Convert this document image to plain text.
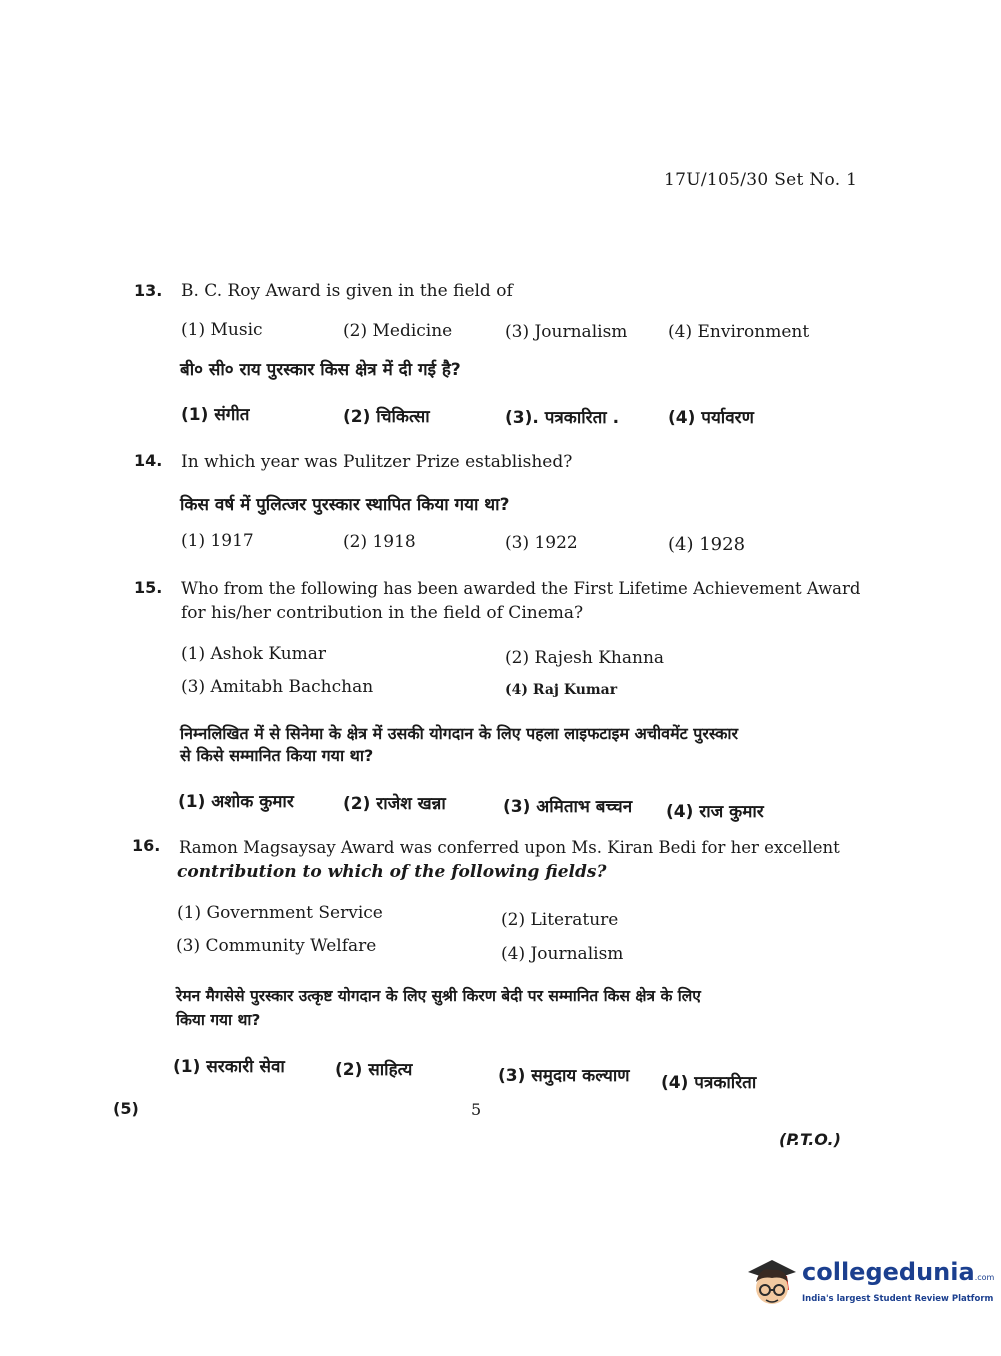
17U/105/30 Set No. 1
13. B. C. Roy Award is given in the field of
(1) Music	(2) Medicine	(3) Journalism (4) Environment
बी० सी० राय पुरस्कार किस क्षेत्र में दी गई है?
(1) संगीत	(2) चिकित्सा	(3). पत्रकारिता .	(4) पर्यावरण
14. In which year was Pulitzer Prize established?
किस वर्ष में पुलित्जर पुरस्कार स्थापित किया गया था?
(1) 1917	(2) 1918	(3) 1922	(4) 1928
15. Who from the following has been awarded the First Lifetime Achievement Award
for his/her contribution in the field of Cinema?
(1) Ashok Kumar	(2) Rajesh Khanna
(3) Amitabh Bachchan	(4) Raj Kumar
निम्नलिखित में से सिनेमा के क्षेत्र में उसकी योगदान के लिए पहला लाइफटाइम अचीवमेंट पुरस्कार
से किसे सम्मानित किया गया था?
(1) अशोक कुमार	(2) राजेश खन्ना	(3) अमिताभ बच्चन (4) राज कुमार
16. Ramon Magsaysay Award was conferred upon Ms. Kiran Bedi for her excellent
contribution to which of the following fields?
(1) Government Service	(2) Literature
(3) Community Welfare	(4) Journalism
रेमन मैगसेसे पुरस्कार उत्कृष्ट योगदान के लिए सुश्री किरण बेदी पर सम्मानित किस क्षेत्र के लिए
किया गया था?
(1) सरकारी सेवा	(2) साहित्य	(3) समुदाय कल्याण (4) पत्रकारिता
(5)	5
(P.T.O.)
collegedunia.com
India's largest Student Review Platform
